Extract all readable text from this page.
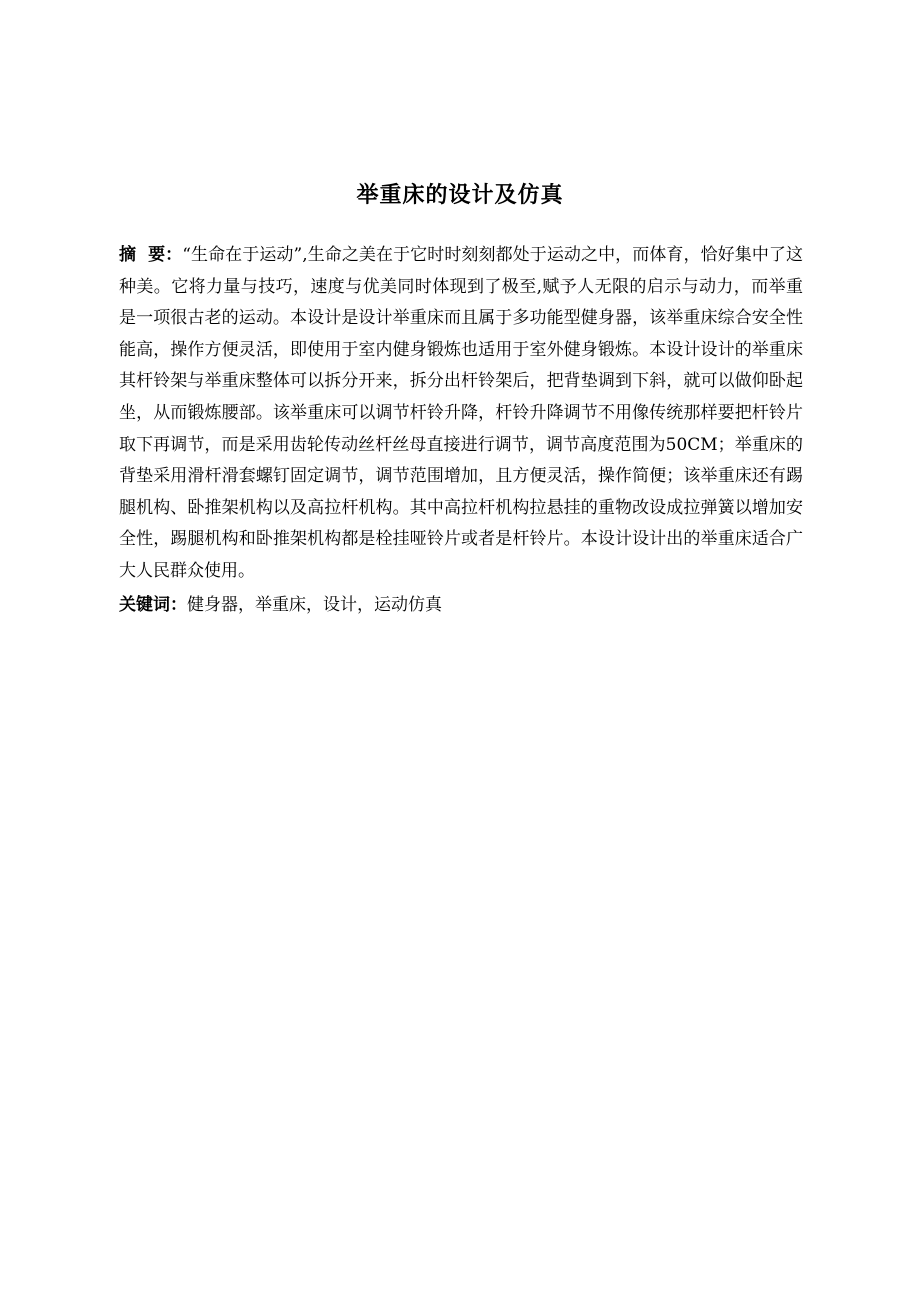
举重床的设计及仿真

摘  要：“生命在于运动”,生命之美在于它时时刻刻都处于运动之中，而体育，恰好集中了这种美。它将力量与技巧，速度与优美同时体现到了极至,赋予人无限的启示与动力，而举重是一项很古老的运动。本设计是设计举重床而且属于多功能型健身器，该举重床综合安全性能高，操作方便灵活，即使用于室内健身锻炼也适用于室外健身锻炼。本设计设计的举重床其杆铃架与举重床整体可以拆分开来，拆分出杆铃架后，把背垫调到下斜，就可以做仰卧起坐，从而锻炼腰部。该举重床可以调节杆铃升降，杆铃升降调节不用像传统那样要把杆铃片取下再调节，而是采用齿轮传动丝杆丝母直接进行调节，调节高度范围为50CM；举重床的背垫采用滑杆滑套螺钉固定调节，调节范围增加，且方便灵活，操作简便；该举重床还有踢腿机构、卧推架机构以及高拉杆机构。其中高拉杆机构拉悬挂的重物改设成拉弹簧以增加安全性，踢腿机构和卧推架机构都是栓挂哑铃片或者是杆铃片。本设计设计出的举重床适合广大人民群众使用。

关键词：健身器，举重床，设计，运动仿真
